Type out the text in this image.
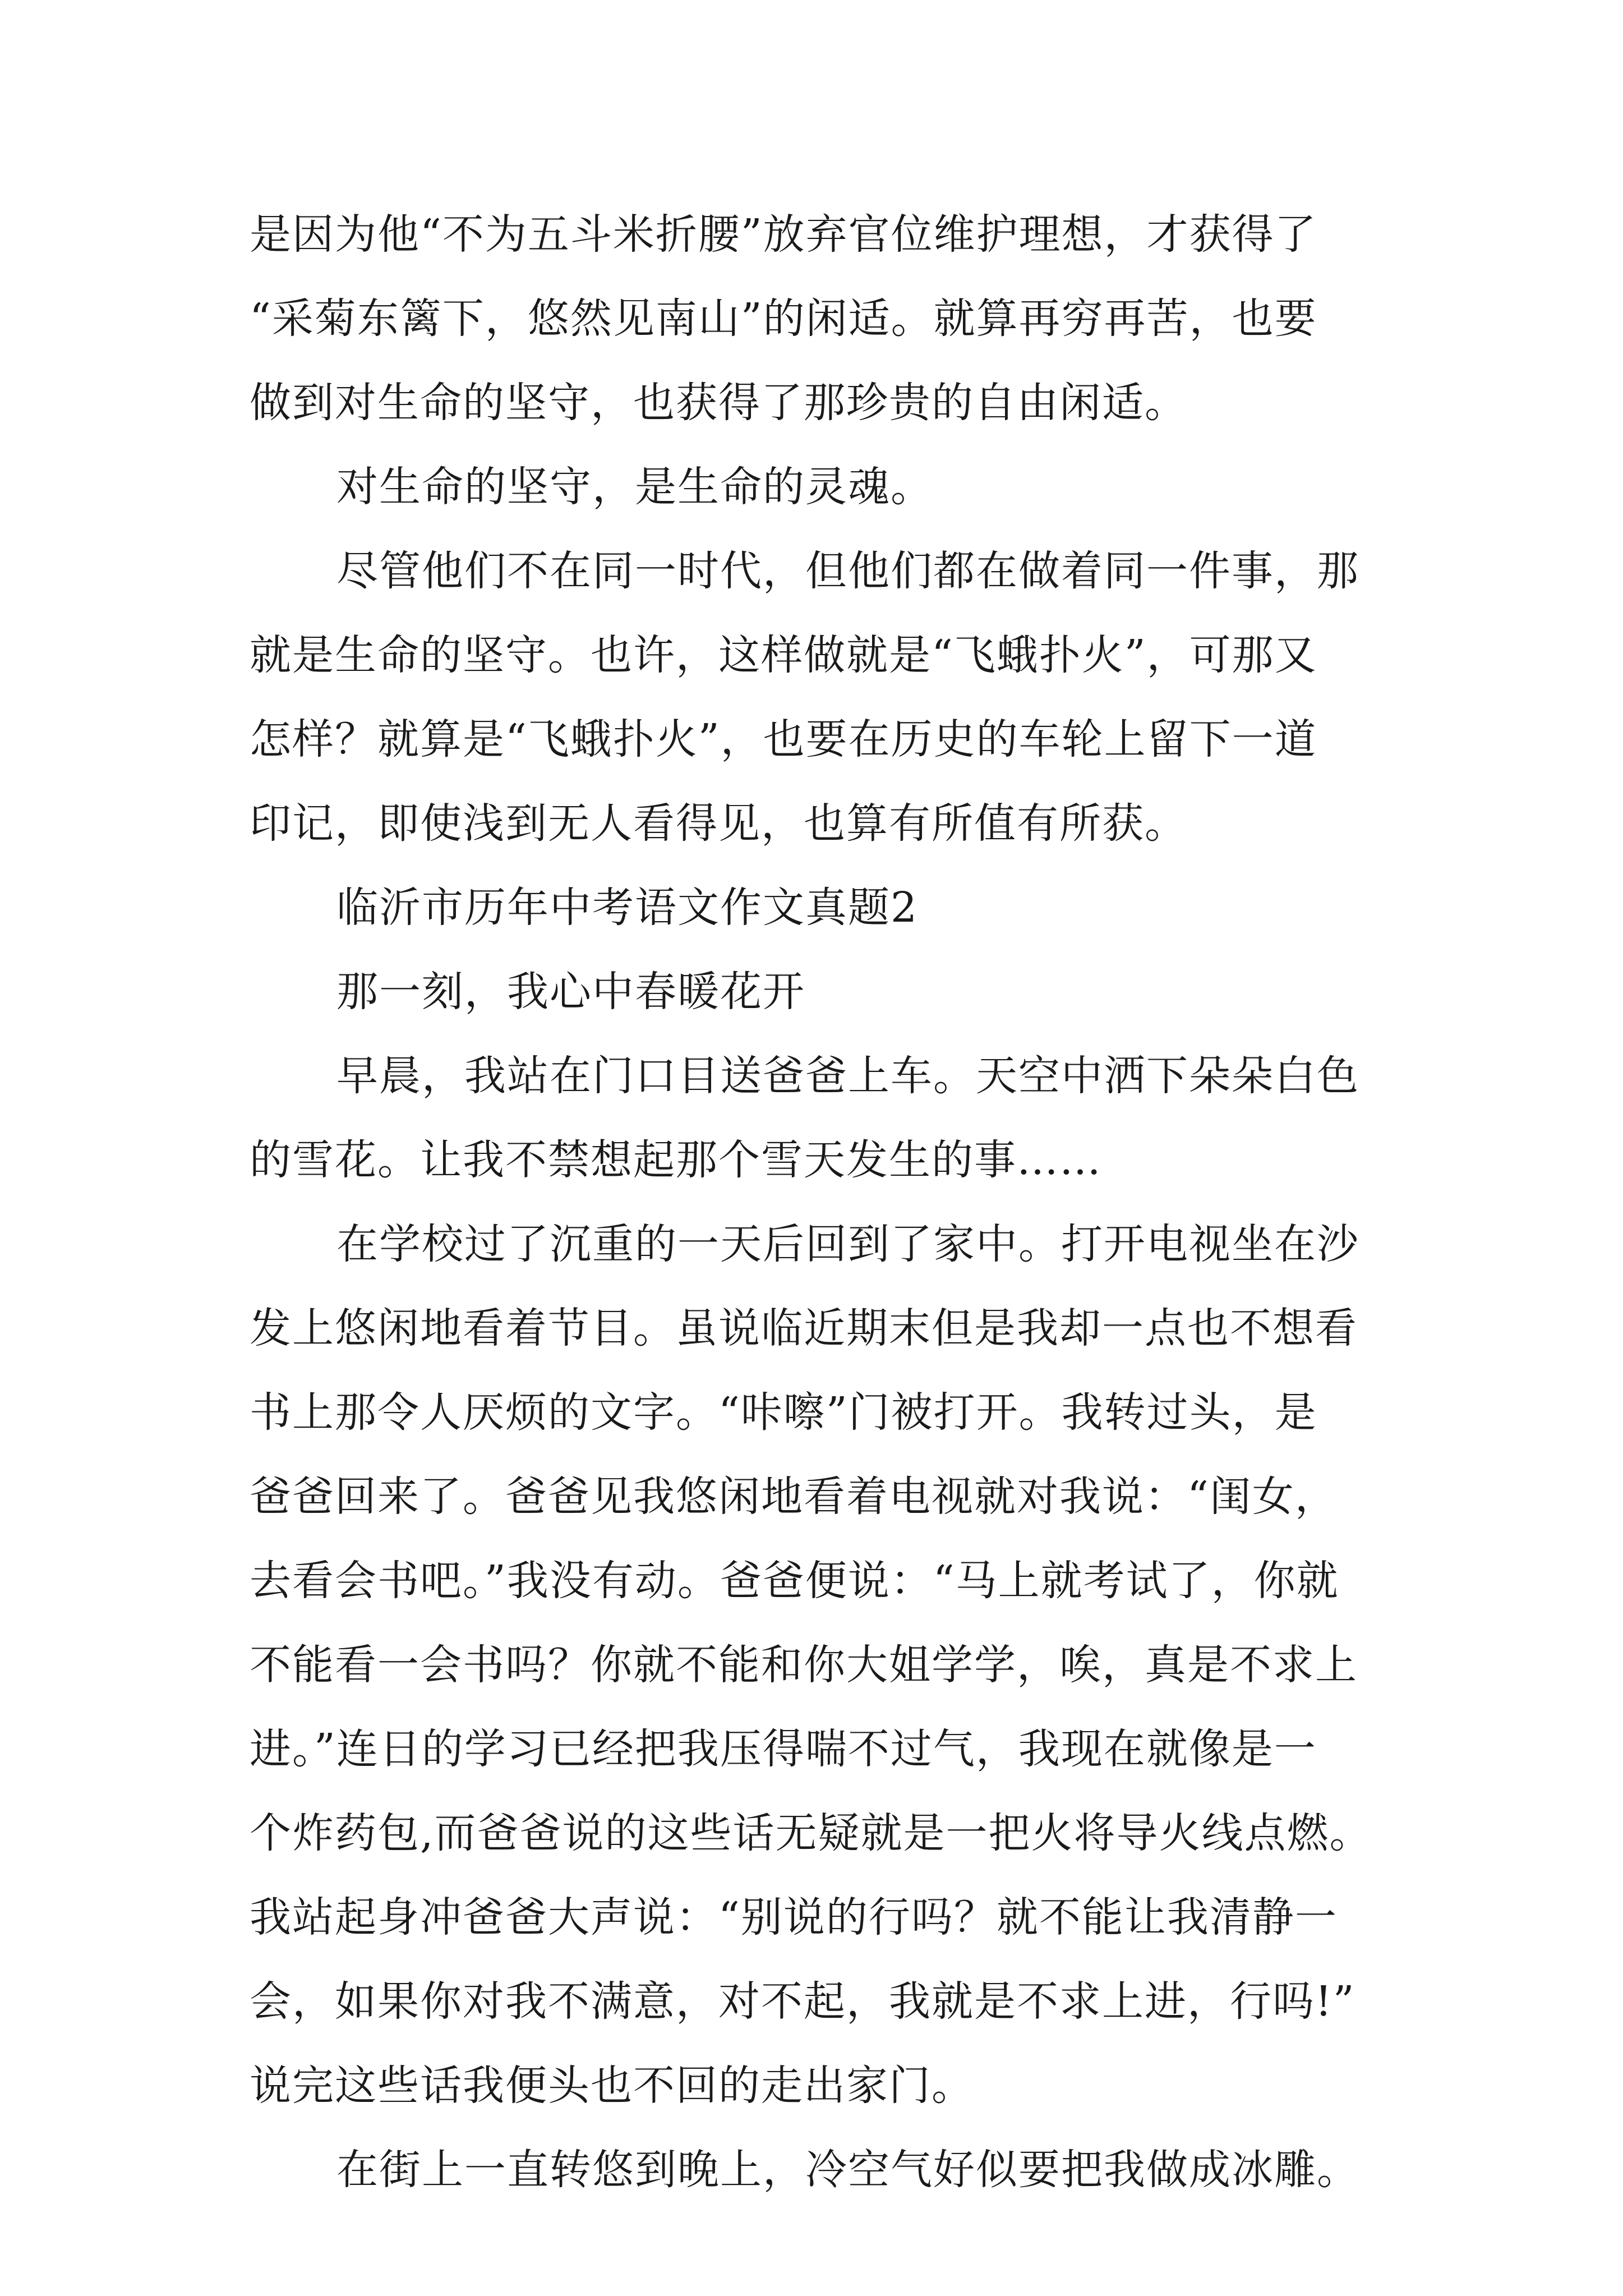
是因为他“不为五斗米折腰”放弃官位维护理想，才获得了
“采菊东篱下，悠然见南山”的闲适。就算再穷再苦，也要
做到对生命的坚守，也获得了那珍贵的自由闲适。
对生命的坚守，是生命的灵魂。
尽管他们不在同一时代，但他们都在做着同一件事，那
就是生命的坚守。也许，这样做就是“飞蛾扑火”，可那又
怎样？就算是“飞蛾扑火”，也要在历史的车轮上留下一道
印记，即使浅到无人看得见，也算有所值有所获。
临沂市历年中考语文作文真题2
那一刻，我心中春暖花开
早晨，我站在门口目送爸爸上车。天空中洒下朵朵白色
的雪花。让我不禁想起那个雪天发生的事……
在学校过了沉重的一天后回到了家中。打开电视坐在沙
发上悠闲地看着节目。虽说临近期末但是我却一点也不想看
书上那令人厌烦的文字。“咔嚓”门被打开。我转过头，是
爸爸回来了。爸爸见我悠闲地看着电视就对我说：“闺女，
去看会书吧。”我没有动。爸爸便说：“马上就考试了，你就
不能看一会书吗？你就不能和你大姐学学，唉，真是不求上
进。”连日的学习已经把我压得喘不过气，我现在就像是一
个炸药包,而爸爸说的这些话无疑就是一把火将导火线点燃。
我站起身冲爸爸大声说：“别说的行吗？就不能让我清静一
会，如果你对我不满意，对不起，我就是不求上进，行吗!”
说完这些话我便头也不回的走出家门。
在街上一直转悠到晚上，冷空气好似要把我做成冰雕。
